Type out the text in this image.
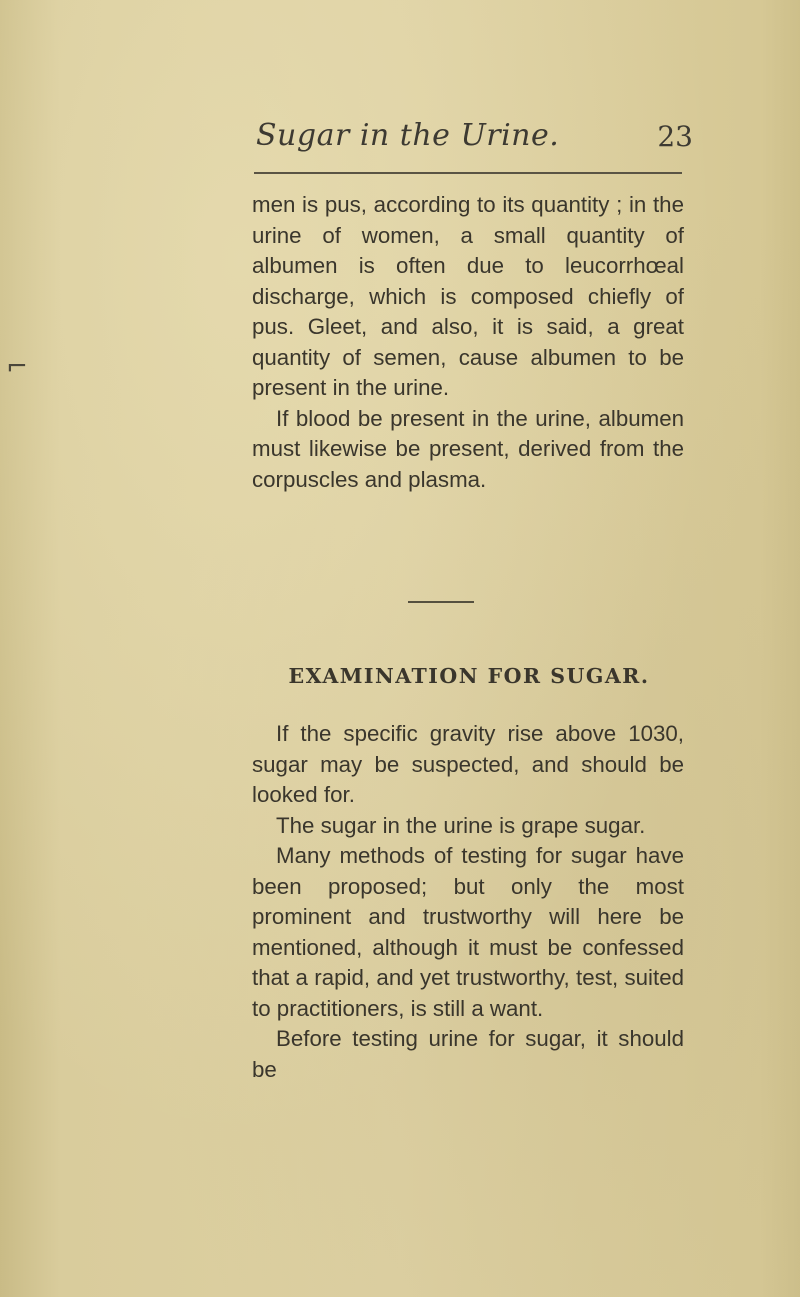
Sugar in the Urine.	23

men is pus, according to its quantity ; in the urine of women, a small quantity of albumen is often due to leucorrhœal discharge, which is composed chiefly of pus. Gleet, and also, it is said, a great quantity of semen, cause albumen to be present in the urine.

If blood be present in the urine, albumen must likewise be present, derived from the corpuscles and plasma.

EXAMINATION FOR SUGAR.

If the specific gravity rise above 1030, sugar may be suspected, and should be looked for.

The sugar in the urine is grape sugar.

Many methods of testing for sugar have been proposed; but only the most prominent and trustworthy will here be mentioned, although it must be confessed that a rapid, and yet trustworthy, test, suited to practitioners, is still a want.

Before testing urine for sugar, it should be

⌐
